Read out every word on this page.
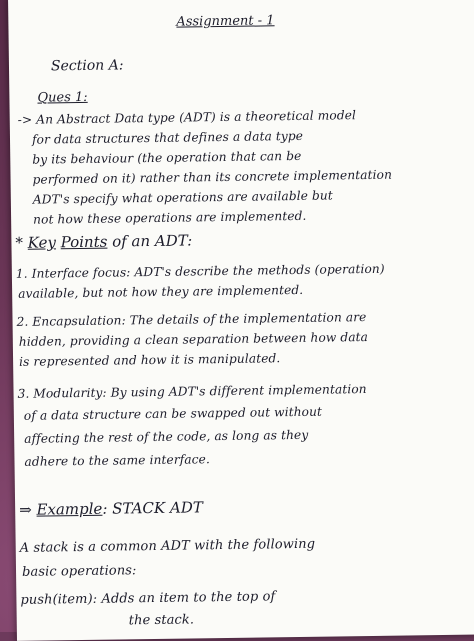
Assignment - 1
Section A:
Ques 1:
-> An Abstract Data type (ADT) is a theoretical model
for data structures that defines a data type
by its behaviour (the operation that can be
performed on it) rather than its concrete implementation
ADT's specify what operations are available but
not how these operations are implemented.
* Key Points of an ADT:
1. Interface focus: ADT's describe the methods (operation)
available, but not how they are implemented.
2. Encapsulation: The details of the implementation are
hidden, providing a clean separation between how data
is represented and how it is manipulated.
3. Modularity: By using ADT's different implementation
of a data structure can be swapped out without
affecting the rest of the code, as long as they
adhere to the same interface.
⇒ Example: STACK ADT
A stack is a common ADT with the following
basic operations:
push(item): Adds an item to the top of
the stack.
